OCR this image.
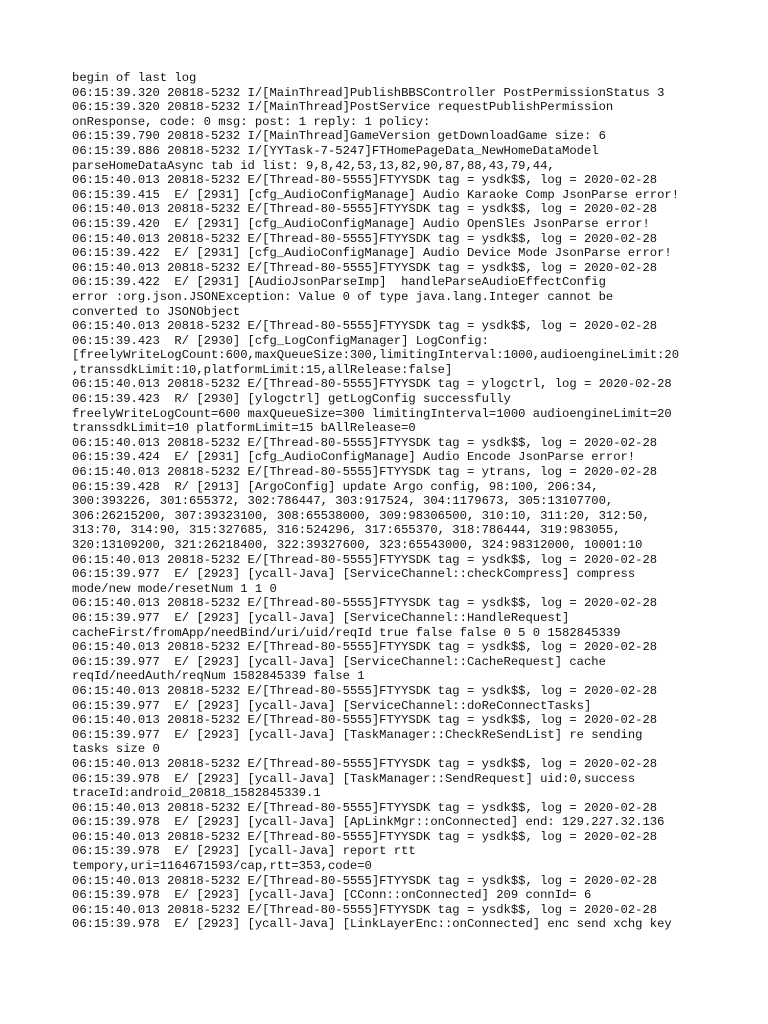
begin of last log
06:15:39.320 20818-5232 I/[MainThread]PublishBBSController PostPermissionStatus 3
06:15:39.320 20818-5232 I/[MainThread]PostService requestPublishPermission
onResponse, code: 0 msg: post: 1 reply: 1 policy:
06:15:39.790 20818-5232 I/[MainThread]GameVersion getDownloadGame size: 6
06:15:39.886 20818-5232 I/[YYTask-7-5247]FTHomePageData_NewHomeDataModel
parseHomeDataAsync tab id list: 9,8,42,53,13,82,90,87,88,43,79,44,
06:15:40.013 20818-5232 E/[Thread-80-5555]FTYYSDK tag = ysdk$$, log = 2020-02-28
06:15:39.415  E/ [2931] [cfg_AudioConfigManage] Audio Karaoke Comp JsonParse error!
06:15:40.013 20818-5232 E/[Thread-80-5555]FTYYSDK tag = ysdk$$, log = 2020-02-28
06:15:39.420  E/ [2931] [cfg_AudioConfigManage] Audio OpenSlEs JsonParse error!
06:15:40.013 20818-5232 E/[Thread-80-5555]FTYYSDK tag = ysdk$$, log = 2020-02-28
06:15:39.422  E/ [2931] [cfg_AudioConfigManage] Audio Device Mode JsonParse error!
06:15:40.013 20818-5232 E/[Thread-80-5555]FTYYSDK tag = ysdk$$, log = 2020-02-28
06:15:39.422  E/ [2931] [AudioJsonParseImp]  handleParseAudioEffectConfig
error :org.json.JSONException: Value 0 of type java.lang.Integer cannot be
converted to JSONObject
06:15:40.013 20818-5232 E/[Thread-80-5555]FTYYSDK tag = ysdk$$, log = 2020-02-28
06:15:39.423  R/ [2930] [cfg_LogConfigManager] LogConfig:
[freelyWriteLogCount:600,maxQueueSize:300,limitingInterval:1000,audioengineLimit:20
,transsdkLimit:10,platformLimit:15,allRelease:false]
06:15:40.013 20818-5232 E/[Thread-80-5555]FTYYSDK tag = ylogctrl, log = 2020-02-28
06:15:39.423  R/ [2930] [ylogctrl] getLogConfig successfully
freelyWriteLogCount=600 maxQueueSize=300 limitingInterval=1000 audioengineLimit=20
transsdkLimit=10 platformLimit=15 bAllRelease=0
06:15:40.013 20818-5232 E/[Thread-80-5555]FTYYSDK tag = ysdk$$, log = 2020-02-28
06:15:39.424  E/ [2931] [cfg_AudioConfigManage] Audio Encode JsonParse error!
06:15:40.013 20818-5232 E/[Thread-80-5555]FTYYSDK tag = ytrans, log = 2020-02-28
06:15:39.428  R/ [2913] [ArgoConfig] update Argo config, 98:100, 206:34,
300:393226, 301:655372, 302:786447, 303:917524, 304:1179673, 305:13107700,
306:26215200, 307:39323100, 308:65538000, 309:98306500, 310:10, 311:20, 312:50,
313:70, 314:90, 315:327685, 316:524296, 317:655370, 318:786444, 319:983055,
320:13109200, 321:26218400, 322:39327600, 323:65543000, 324:98312000, 10001:10
06:15:40.013 20818-5232 E/[Thread-80-5555]FTYYSDK tag = ysdk$$, log = 2020-02-28
06:15:39.977  E/ [2923] [ycall-Java] [ServiceChannel::checkCompress] compress
mode/new mode/resetNum 1 1 0
06:15:40.013 20818-5232 E/[Thread-80-5555]FTYYSDK tag = ysdk$$, log = 2020-02-28
06:15:39.977  E/ [2923] [ycall-Java] [ServiceChannel::HandleRequest]
cacheFirst/fromApp/needBind/uri/uid/reqId true false false 0 5 0 1582845339
06:15:40.013 20818-5232 E/[Thread-80-5555]FTYYSDK tag = ysdk$$, log = 2020-02-28
06:15:39.977  E/ [2923] [ycall-Java] [ServiceChannel::CacheRequest] cache
reqId/needAuth/reqNum 1582845339 false 1
06:15:40.013 20818-5232 E/[Thread-80-5555]FTYYSDK tag = ysdk$$, log = 2020-02-28
06:15:39.977  E/ [2923] [ycall-Java] [ServiceChannel::doReConnectTasks]
06:15:40.013 20818-5232 E/[Thread-80-5555]FTYYSDK tag = ysdk$$, log = 2020-02-28
06:15:39.977  E/ [2923] [ycall-Java] [TaskManager::CheckReSendList] re sending
tasks size 0
06:15:40.013 20818-5232 E/[Thread-80-5555]FTYYSDK tag = ysdk$$, log = 2020-02-28
06:15:39.978  E/ [2923] [ycall-Java] [TaskManager::SendRequest] uid:0,success
traceId:android_20818_1582845339.1
06:15:40.013 20818-5232 E/[Thread-80-5555]FTYYSDK tag = ysdk$$, log = 2020-02-28
06:15:39.978  E/ [2923] [ycall-Java] [ApLinkMgr::onConnected] end: 129.227.32.136
06:15:40.013 20818-5232 E/[Thread-80-5555]FTYYSDK tag = ysdk$$, log = 2020-02-28
06:15:39.978  E/ [2923] [ycall-Java] report rtt
tempory,uri=1164671593/cap,rtt=353,code=0
06:15:40.013 20818-5232 E/[Thread-80-5555]FTYYSDK tag = ysdk$$, log = 2020-02-28
06:15:39.978  E/ [2923] [ycall-Java] [CConn::onConnected] 209 connId= 6
06:15:40.013 20818-5232 E/[Thread-80-5555]FTYYSDK tag = ysdk$$, log = 2020-02-28
06:15:39.978  E/ [2923] [ycall-Java] [LinkLayerEnc::onConnected] enc send xchg key
